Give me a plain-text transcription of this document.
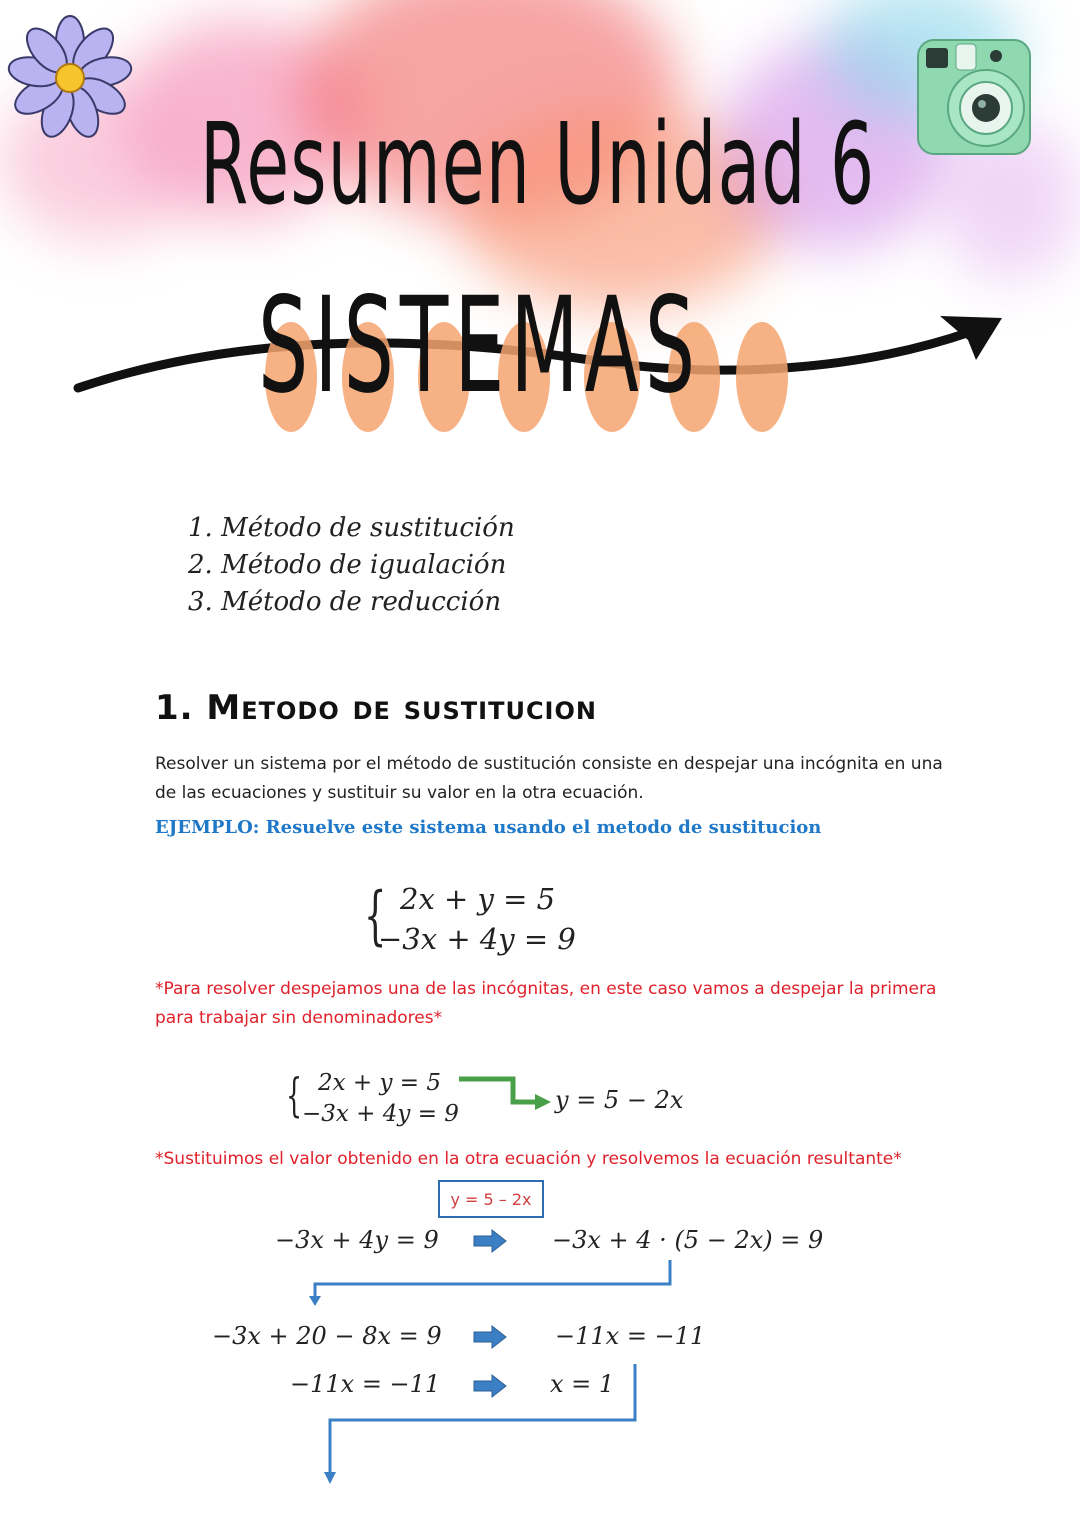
Resumen Unidad 6
SISTEMAS
1. Método de sustitución
2. Método de igualación
3. Método de reducción
1. Metodo de sustitucion
Resolver un sistema por el método de sustitución consiste en despejar una incógnita en una de las ecuaciones y sustituir su valor en la otra ecuación.
EJEMPLO: Resuelve este sistema usando el metodo de sustitucion
{ 2x + y = 5
−3x + 4y = 9
*Para resolver despejamos una de las incógnitas, en este caso vamos a despejar la primera para trabajar sin denominadores*
{ 2x + y = 5
−3x + 4y = 9	y = 5 − 2x
*Sustituimos el valor obtenido en la otra ecuación y resolvemos la ecuación resultante*
y = 5 – 2x
−3x + 4y = 9	−3x + 4 · (5 − 2x) = 9
−3x + 20 − 8x = 9	−11x = −11
−11x = −11	x = 1
